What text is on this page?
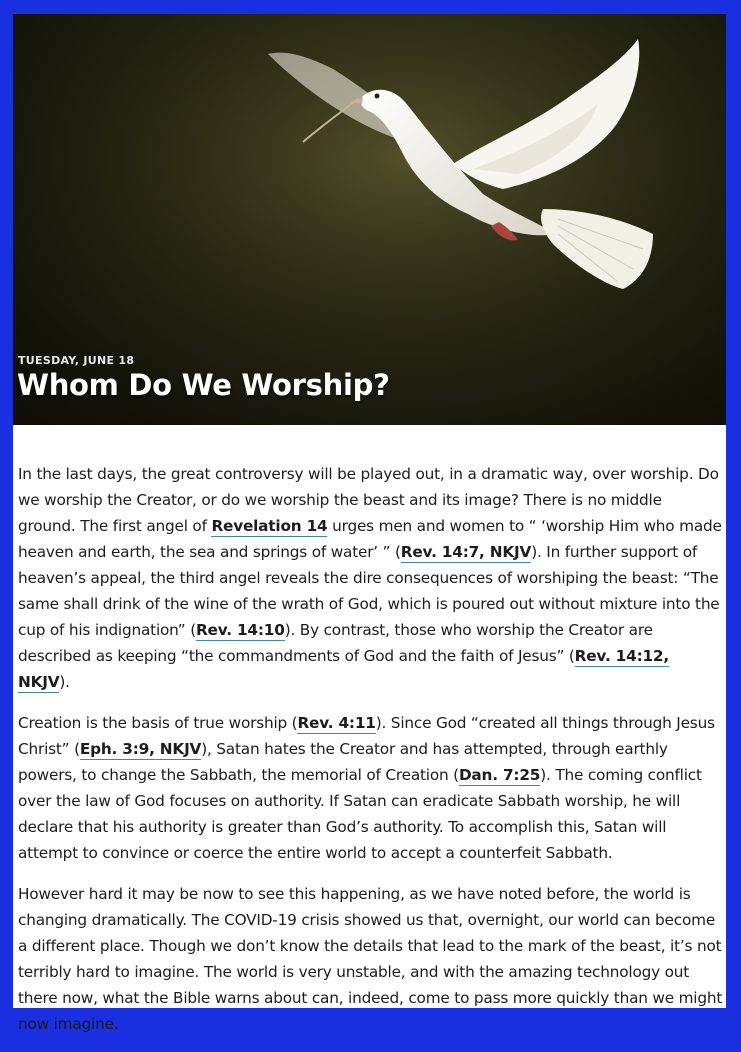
TUESDAY, JUNE 18
Whom Do We Worship?

In the last days, the great controversy will be played out, in a dramatic way, over worship. Do we worship the Creator, or do we worship the beast and its image? There is no middle ground. The first angel of Revelation 14 urges men and women to “ ‘worship Him who made heaven and earth, the sea and springs of water’ ” (Rev. 14:7, NKJV). In further support of heaven’s appeal, the third angel reveals the dire consequences of worshiping the beast: “The same shall drink of the wine of the wrath of God, which is poured out without mixture into the cup of his indignation” (Rev. 14:10). By contrast, those who worship the Creator are described as keeping “the commandments of God and the faith of Jesus” (Rev. 14:12, NKJV).

Creation is the basis of true worship (Rev. 4:11). Since God “created all things through Jesus Christ” (Eph. 3:9, NKJV), Satan hates the Creator and has attempted, through earthly powers, to change the Sabbath, the memorial of Creation (Dan. 7:25). The coming conflict over the law of God focuses on authority. If Satan can eradicate Sabbath worship, he will declare that his authority is greater than God’s authority. To accomplish this, Satan will attempt to convince or coerce the entire world to accept a counterfeit Sabbath.

However hard it may be now to see this happening, as we have noted before, the world is changing dramatically. The COVID-19 crisis showed us that, overnight, our world can become a different place. Though we don’t know the details that lead to the mark of the beast, it’s not terribly hard to imagine. The world is very unstable, and with the amazing technology out there now, what the Bible warns about can, indeed, come to pass more quickly than we might now imagine.
